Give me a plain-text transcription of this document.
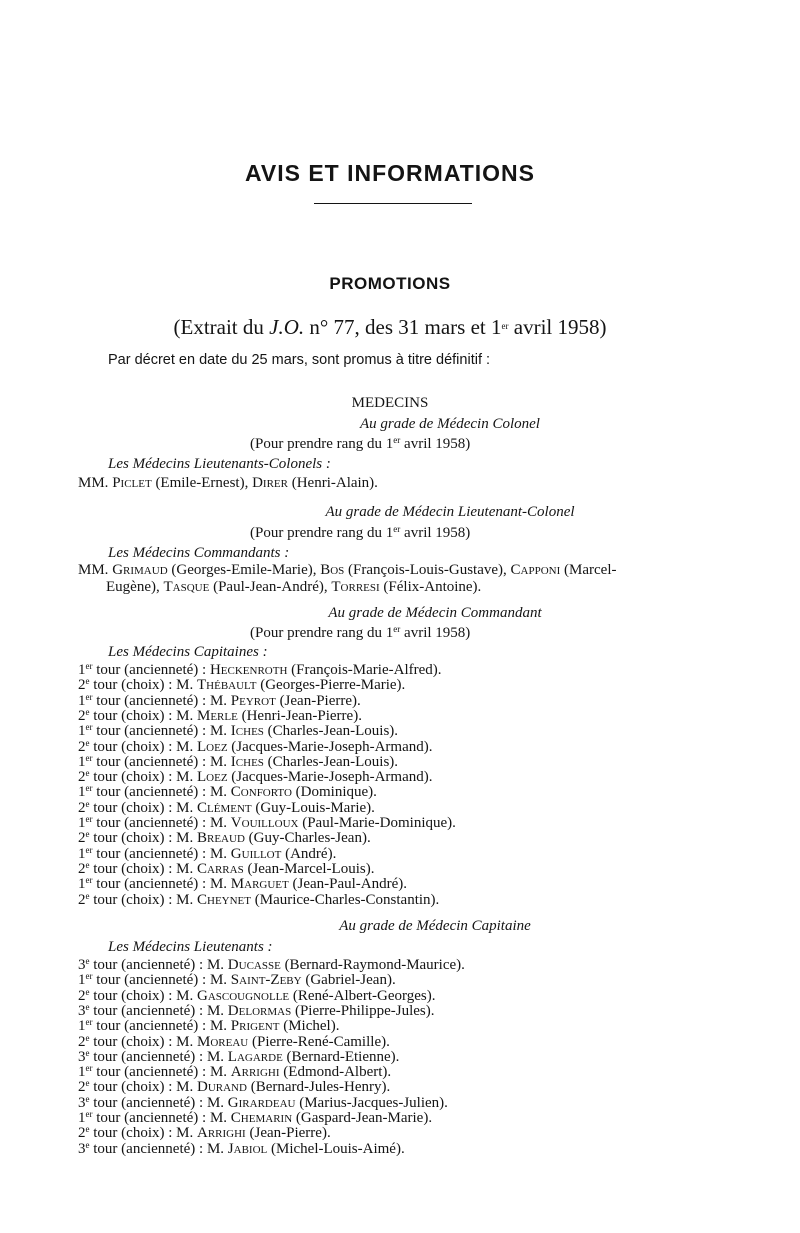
AVIS ET INFORMATIONS
PROMOTIONS
(Extrait du J.O. n° 77, des 31 mars et 1er avril 1958)
Par décret en date du 25 mars, sont promus à titre définitif :
MEDECINS
Au grade de Médecin Colonel
(Pour prendre rang du 1er avril 1958)
Les Médecins Lieutenants-Colonels :
MM. Piclet (Emile-Ernest), Direr (Henri-Alain).
Au grade de Médecin Lieutenant-Colonel
(Pour prendre rang du 1er avril 1958)
Les Médecins Commandants :
MM. Grimaud (Georges-Emile-Marie), Bos (François-Louis-Gustave), Capponi (Marcel-
Eugène), Tasque (Paul-Jean-André), Torresi (Félix-Antoine).
Au grade de Médecin Commandant
(Pour prendre rang du 1er avril 1958)
Les Médecins Capitaines :
1er tour (ancienneté) : Heckenroth (François-Marie-Alfred).
2e tour (choix) : M. Thébault (Georges-Pierre-Marie).
1er tour (ancienneté) : M. Peyrot (Jean-Pierre).
2e tour (choix) : M. Merle (Henri-Jean-Pierre).
1er tour (ancienneté) : M. Iches (Charles-Jean-Louis).
2e tour (choix) : M. Loez (Jacques-Marie-Joseph-Armand).
1er tour (ancienneté) : M. Iches (Charles-Jean-Louis).
2e tour (choix) : M. Loez (Jacques-Marie-Joseph-Armand).
1er tour (ancienneté) : M. Conforto (Dominique).
2e tour (choix) : M. Clément (Guy-Louis-Marie).
1er tour (ancienneté) : M. Vouilloux (Paul-Marie-Dominique).
2e tour (choix) : M. Breaud (Guy-Charles-Jean).
1er tour (ancienneté) : M. Guillot (André).
2e tour (choix) : M. Carras (Jean-Marcel-Louis).
1er tour (ancienneté) : M. Marguet (Jean-Paul-André).
2e tour (choix) : M. Cheynet (Maurice-Charles-Constantin).
Au grade de Médecin Capitaine
Les Médecins Lieutenants :
3e tour (ancienneté) : M. Ducasse (Bernard-Raymond-Maurice).
1er tour (ancienneté) : M. Saint-Zeby (Gabriel-Jean).
2e tour (choix) : M. Gascougnolle (René-Albert-Georges).
3e tour (ancienneté) : M. Delormas (Pierre-Philippe-Jules).
1er tour (ancienneté) : M. Prigent (Michel).
2e tour (choix) : M. Moreau (Pierre-René-Camille).
3e tour (ancienneté) : M. Lagarde (Bernard-Etienne).
1er tour (ancienneté) : M. Arrighi (Edmond-Albert).
2e tour (choix) : M. Durand (Bernard-Jules-Henry).
3e tour (ancienneté) : M. Girardeau (Marius-Jacques-Julien).
1er tour (ancienneté) : M. Chemarin (Gaspard-Jean-Marie).
2e tour (choix) : M. Arrighi (Jean-Pierre).
3e tour (ancienneté) : M. Jabiol (Michel-Louis-Aimé).
